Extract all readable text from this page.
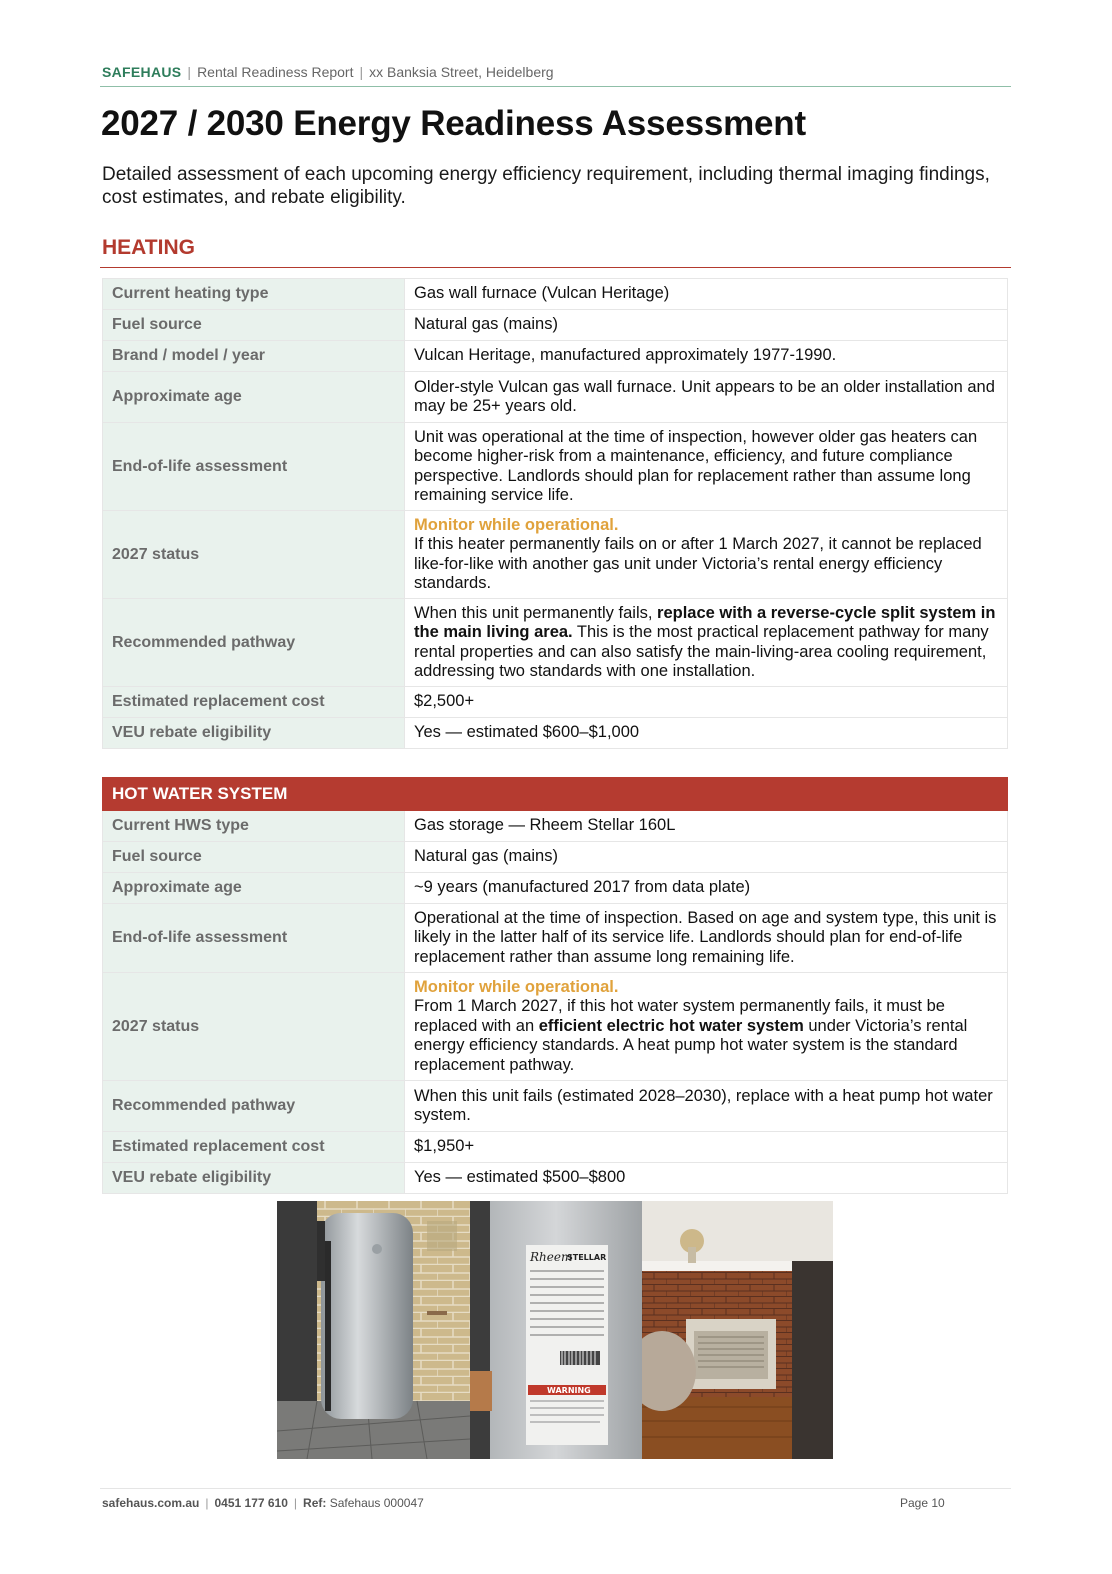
SAFEHAUS | Rental Readiness Report | xx Banksia Street, Heidelberg
2027 / 2030 Energy Readiness Assessment

Detailed assessment of each upcoming energy efficiency requirement, including thermal imaging findings, cost estimates, and rebate eligibility.

HEATING
Current heating type	Gas wall furnace (Vulcan Heritage)
Fuel source	Natural gas (mains)
Brand / model / year	Vulcan Heritage, manufactured approximately 1977-1990.
Approximate age	Older-style Vulcan gas wall furnace. Unit appears to be an older installation and may be 25+ years old.
End-of-life assessment	Unit was operational at the time of inspection, however older gas heaters can become higher-risk from a maintenance, efficiency, and future compliance perspective. Landlords should plan for replacement rather than assume long remaining service life.
2027 status	Monitor while operational.
If this heater permanently fails on or after 1 March 2027, it cannot be replaced like-for-like with another gas unit under Victoria’s rental energy efficiency standards.
Recommended pathway	When this unit permanently fails, replace with a reverse-cycle split system in the main living area. This is the most practical replacement pathway for many rental properties and can also satisfy the main-living-area cooling requirement, addressing two standards with one installation.
Estimated replacement cost	$2,500+
VEU rebate eligibility	Yes — estimated $600–$1,000
HOT WATER SYSTEM	
Current HWS type	Gas storage — Rheem Stellar 160L
Fuel source	Natural gas (mains)
Approximate age	~9 years (manufactured 2017 from data plate)
End-of-life assessment	Operational at the time of inspection. Based on age and system type, this unit is likely in the latter half of its service life. Landlords should plan for end-of-life replacement rather than assume long remaining life.
2027 status	Monitor while operational.
From 1 March 2027, if this hot water system permanently fails, it must be replaced with an efficient electric hot water system under Victoria’s rental energy efficiency standards. A heat pump hot water system is the standard replacement pathway.
Recommended pathway	When this unit fails (estimated 2028–2030), replace with a heat pump hot water system.
Estimated replacement cost	$1,950+
VEU rebate eligibility	Yes — estimated $500–$800
Rheem
STELLAR
WARNING
safehaus.com.au | 0451 177 610 | Ref: Safehaus 000047	Page 10
